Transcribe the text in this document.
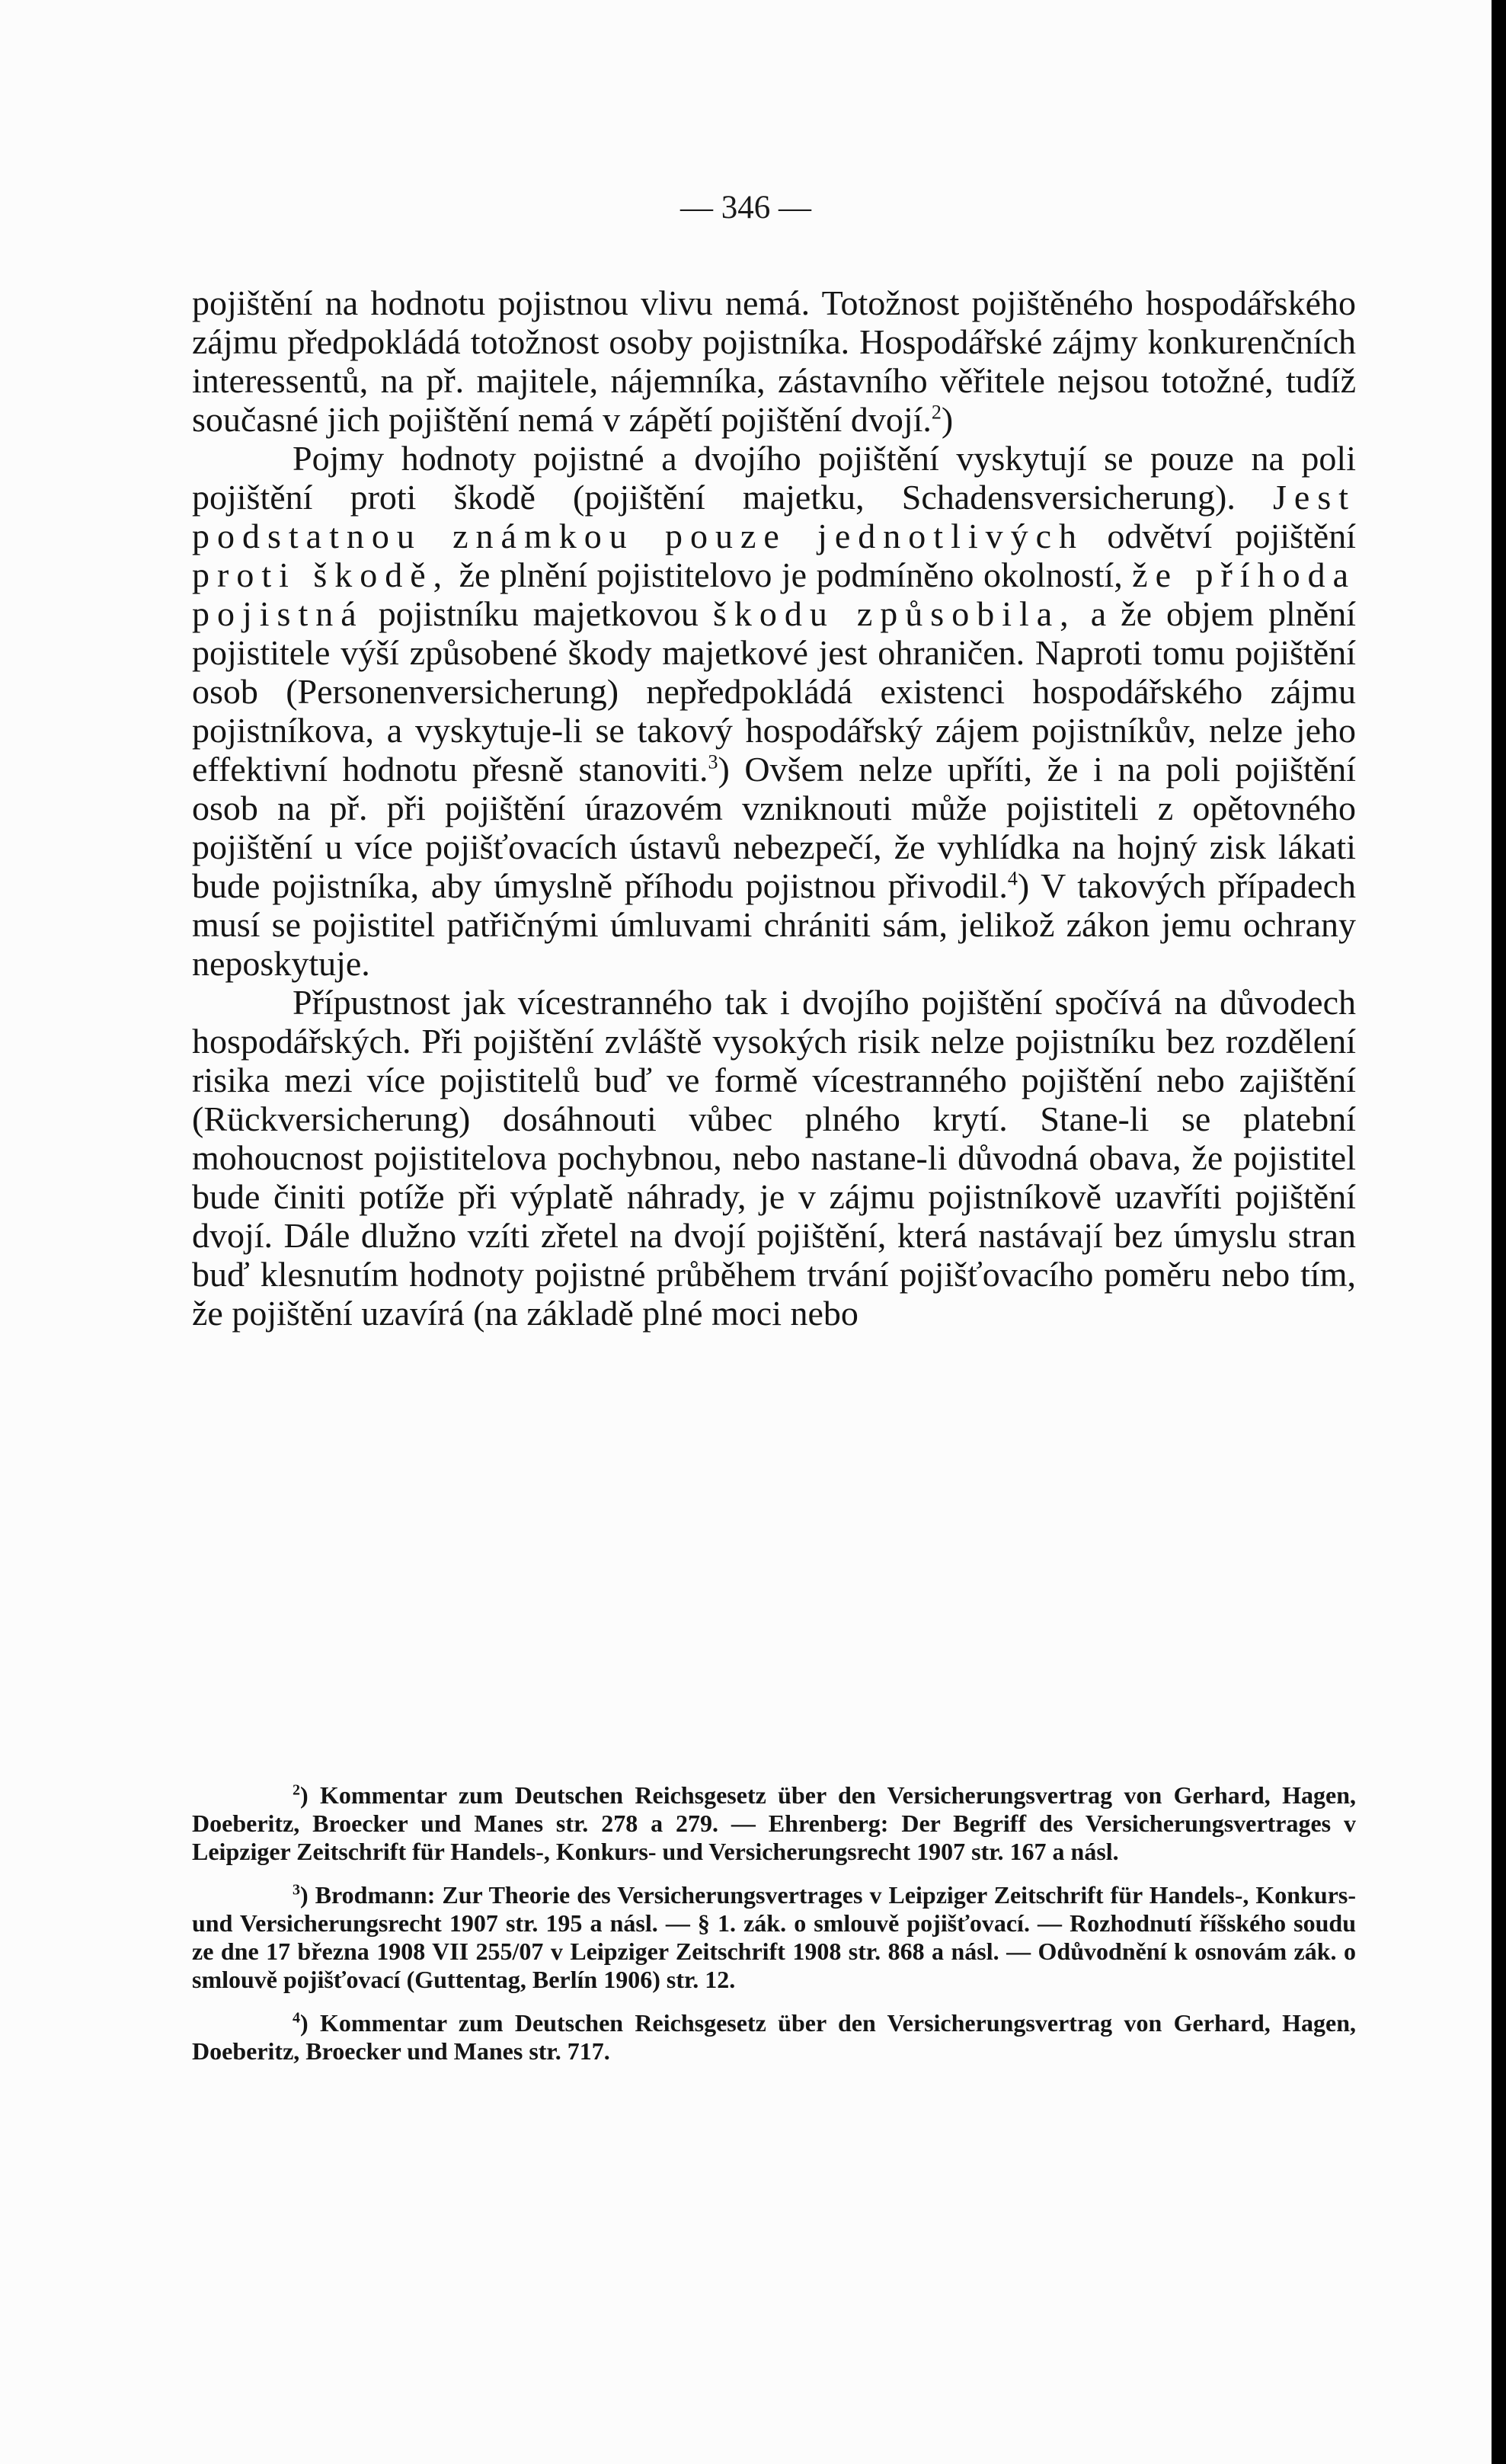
— 346 —

pojištění na hodnotu pojistnou vlivu nemá. Totožnost pojištěného hospodářského zájmu předpokládá totožnost osoby pojistníka. Hospodářské zájmy konkurenčních interessentů, na př. majitele, nájemníka, zástavního věřitele nejsou totožné, tudíž současné jich pojištění nemá v zápětí pojištění dvojí.$^2$)

Pojmy hodnoty pojistné a dvojího pojištění vyskytují se pouze na poli pojištění proti škodě (pojištění majetku, Schadensversicherung). Jest podstatnou známkou pouze jednotlivých odvětví pojištění proti škodě, že plnění pojistitelovo je podmíněno okolností, že příhoda pojistná pojistníku majetkovou škodu způsobila, a že objem plnění pojistitele výší způsobené škody majetkové jest ohraničen. Naproti tomu pojištění osob (Personenversicherung) nepředpokládá existenci hospodářského zájmu pojistníkova, a vyskytuje-li se takový hospodářský zájem pojistníkův, nelze jeho effektivní hodnotu přesně stanoviti.$^3$) Ovšem nelze upříti, že i na poli pojištění osob na př. při pojištění úrazovém vzniknouti může pojistiteli z opětovného pojištění u více pojišťovacích ústavů nebezpečí, že vyhlídka na hojný zisk lákati bude pojistníka, aby úmyslně příhodu pojistnou přivodil.$^4$) V takových případech musí se pojistitel patřičnými úmluvami chrániti sám, jelikož zákon jemu ochrany neposkytuje.

Přípustnost jak vícestranného tak i dvojího pojištění spočívá na důvodech hospodářských. Při pojištění zvláště vysokých risik nelze pojistníku bez rozdělení risika mezi více pojistitelů buď ve formě vícestranného pojištění nebo zajištění (Rückversicherung) dosáhnouti vůbec plného krytí. Stane-li se platební mohoucnost pojistitelova pochybnou, nebo nastane-li důvodná obava, že pojistitel bude činiti potíže při výplatě náhrady, je v zájmu pojistníkově uzavříti pojištění dvojí. Dále dlužno vzíti zřetel na dvojí pojištění, která nastávají bez úmyslu stran buď klesnutím hodnoty pojistné průběhem trvání pojišťovacího poměru nebo tím, že pojištění uzavírá (na základě plné moci nebo

$^2$) Kommentar zum Deutschen Reichsgesetz über den Versicherungsvertrag von Gerhard, Hagen, Doeberitz, Broecker und Manes str. 278 a 279. — Ehrenberg: Der Begriff des Versicherungsvertrages v Leipziger Zeitschrift für Handels-, Konkurs- und Versicherungsrecht 1907 str. 167 a násl.

$^3$) Brodmann: Zur Theorie des Versicherungsvertrages v Leipziger Zeitschrift für Handels-, Konkurs- und Versicherungsrecht 1907 str. 195 a násl. — § 1. zák. o smlouvě pojišťovací. — Rozhodnutí říšského soudu ze dne 17 března 1908 VII 255/07 v Leipziger Zeitschrift 1908 str. 868 a násl. — Odůvodnění k osnovám zák. o smlouvě pojišťovací (Guttentag, Berlín 1906) str. 12.

$^4$) Kommentar zum Deutschen Reichsgesetz über den Versicherungsvertrag von Gerhard, Hagen, Doeberitz, Broecker und Manes str. 717.
